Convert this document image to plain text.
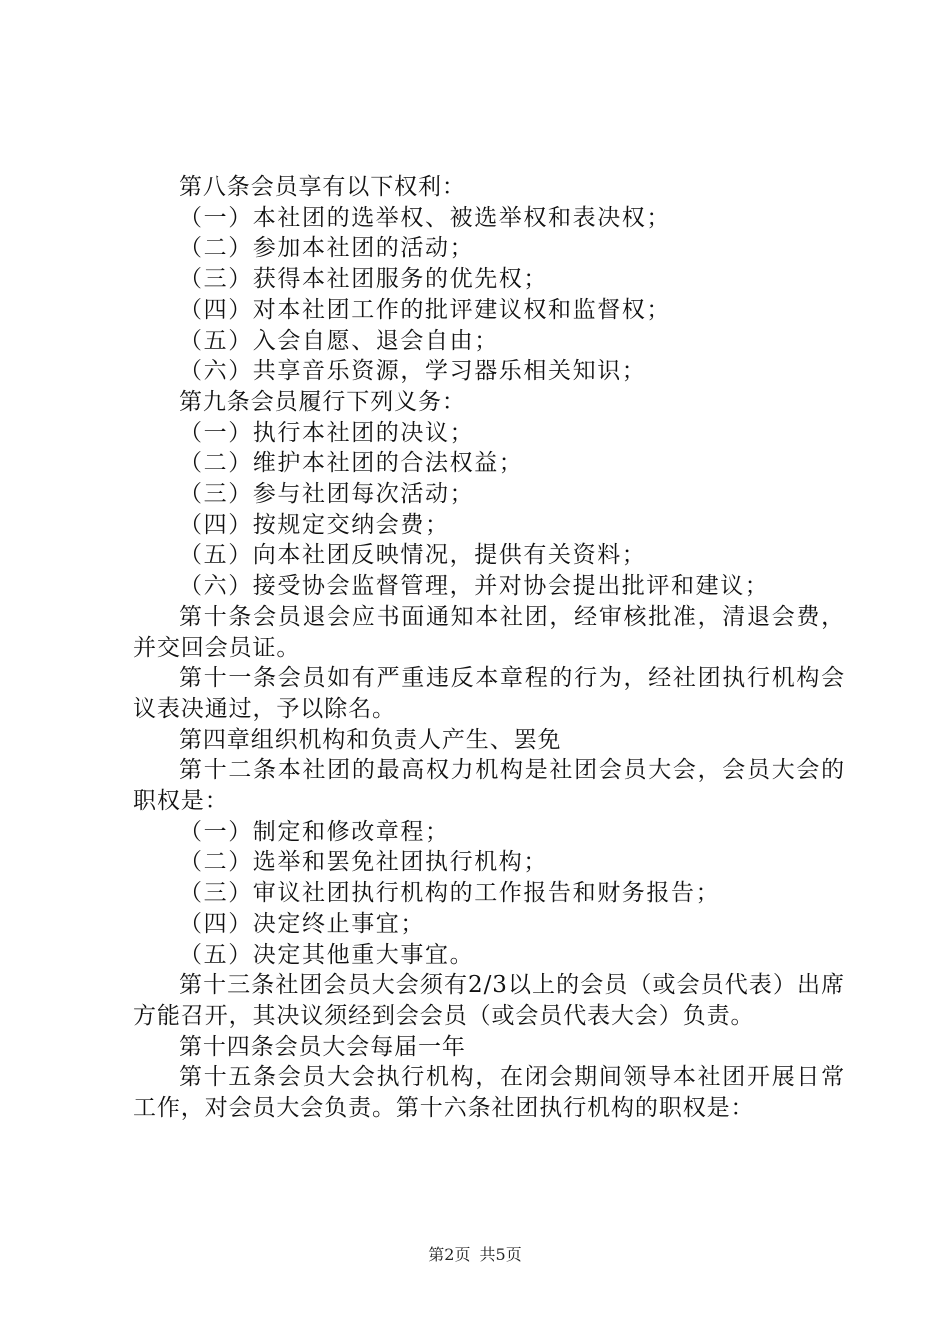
第八条会员享有以下权利：

（一）本社团的选举权、被选举权和表决权；

（二）参加本社团的活动；

（三）获得本社团服务的优先权；

（四）对本社团工作的批评建议权和监督权；

（五）入会自愿、退会自由；

（六）共享音乐资源，学习器乐相关知识；

第九条会员履行下列义务：

（一）执行本社团的决议；

（二）维护本社团的合法权益；

（三）参与社团每次活动；

（四）按规定交纳会费；

（五）向本社团反映情况，提供有关资料；

（六）接受协会监督管理，并对协会提出批评和建议；

第十条会员退会应书面通知本社团，经审核批准，清退会费，并交回会员证。

第十一条会员如有严重违反本章程的行为，经社团执行机构会议表决通过，予以除名。

第四章组织机构和负责人产生、罢免

第十二条本社团的最高权力机构是社团会员大会，会员大会的职权是：

（一）制定和修改章程；

（二）选举和罢免社团执行机构；

（三）审议社团执行机构的工作报告和财务报告；

（四）决定终止事宜；

（五）决定其他重大事宜。

第十三条社团会员大会须有2/3以上的会员（或会员代表）出席方能召开，其决议须经到会会员（或会员代表大会）负责。

第十四条会员大会每届一年

第十五条会员大会执行机构，在闭会期间领导本社团开展日常工作，对会员大会负责。第十六条社团执行机构的职权是：

第2页 共5页
